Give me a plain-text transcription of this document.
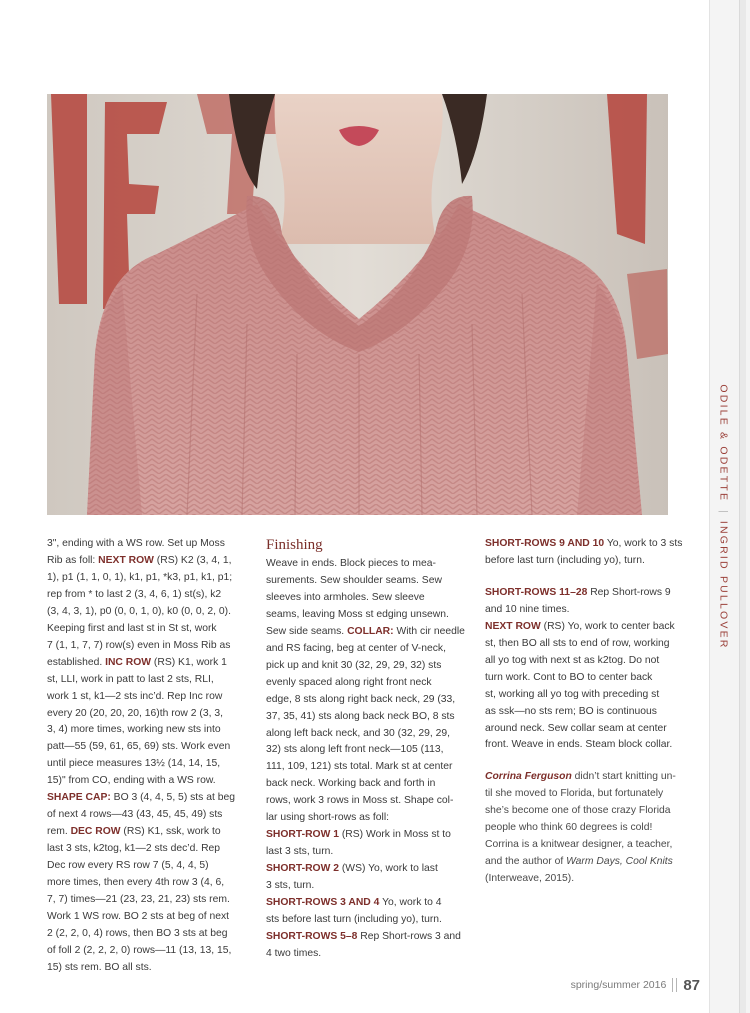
ODILE & ODETTE
|
INGRID PULLOVER
3", ending with a WS row. Set up Moss
Rib as foll: NEXT ROW (RS) K2 (3, 4, 1,
1), p1 (1, 1, 0, 1), k1, p1, *k3, p1, k1, p1;
rep from * to last 2 (3, 4, 6, 1) st(s), k2
(3, 4, 3, 1), p0 (0, 0, 1, 0), k0 (0, 0, 2, 0).
Keeping first and last st in St st, work
7 (1, 1, 7, 7) row(s) even in Moss Rib as
established. INC ROW (RS) K1, work 1
st, LLI, work in patt to last 2 sts, RLI,
work 1 st, k1—2 sts inc’d. Rep Inc row
every 20 (20, 20, 20, 16)th row 2 (3, 3,
3, 4) more times, working new sts into
patt—55 (59, 61, 65, 69) sts. Work even
until piece measures 13½ (14, 14, 15,
15)" from CO, ending with a WS row.
SHAPE CAP: BO 3 (4, 4, 5, 5) sts at beg
of next 4 rows—43 (43, 45, 45, 49) sts
rem. DEC ROW (RS) K1, ssk, work to
last 3 sts, k2tog, k1—2 sts dec’d. Rep
Dec row every RS row 7 (5, 4, 4, 5)
more times, then every 4th row 3 (4, 6,
7, 7) times—21 (23, 23, 21, 23) sts rem.
Work 1 WS row. BO 2 sts at beg of next
2 (2, 2, 0, 4) rows, then BO 3 sts at beg
of foll 2 (2, 2, 2, 0) rows—11 (13, 13, 15,
15) sts rem. BO all sts.
Finishing
Weave in ends. Block pieces to mea-
surements. Sew shoulder seams. Sew
sleeves into armholes. Sew sleeve
seams, leaving Moss st edging unsewn.
Sew side seams. COLLAR: With cir needle
and RS facing, beg at center of V-neck,
pick up and knit 30 (32, 29, 29, 32) sts
evenly spaced along right front neck
edge, 8 sts along right back neck, 29 (33,
37, 35, 41) sts along back neck BO, 8 sts
along left back neck, and 30 (32, 29, 29,
32) sts along left front neck—105 (113,
111, 109, 121) sts total. Mark st at center
back neck. Working back and forth in
rows, work 3 rows in Moss st. Shape col-
lar using short-rows as foll:
SHORT-ROW 1 (RS) Work in Moss st to
last 3 sts, turn.
SHORT-ROW 2 (WS) Yo, work to last
3 sts, turn.
SHORT-ROWS 3 AND 4 Yo, work to 4
sts before last turn (including yo), turn.
SHORT-ROWS 5–8 Rep Short-rows 3 and
4 two times.
SHORT-ROWS 9 AND 10 Yo, work to 3 sts
before last turn (including yo), turn.
SHORT-ROWS 11–28 Rep Short-rows 9
and 10 nine times.
NEXT ROW (RS) Yo, work to center back
st, then BO all sts to end of row, working
all yo tog with next st as k2tog. Do not
turn work. Cont to BO to center back
st, working all yo tog with preceding st
as ssk—no sts rem; BO is continuous
around neck. Sew collar seam at center
front. Weave in ends. Steam block collar.
Corrina Ferguson didn’t start knitting un-
til she moved to Florida, but fortunately
she’s become one of those crazy Florida
people who think 60 degrees is cold!
Corrina is a knitwear designer, a teacher,
and the author of Warm Days, Cool Knits
(Interweave, 2015).
spring/summer 2016 87
